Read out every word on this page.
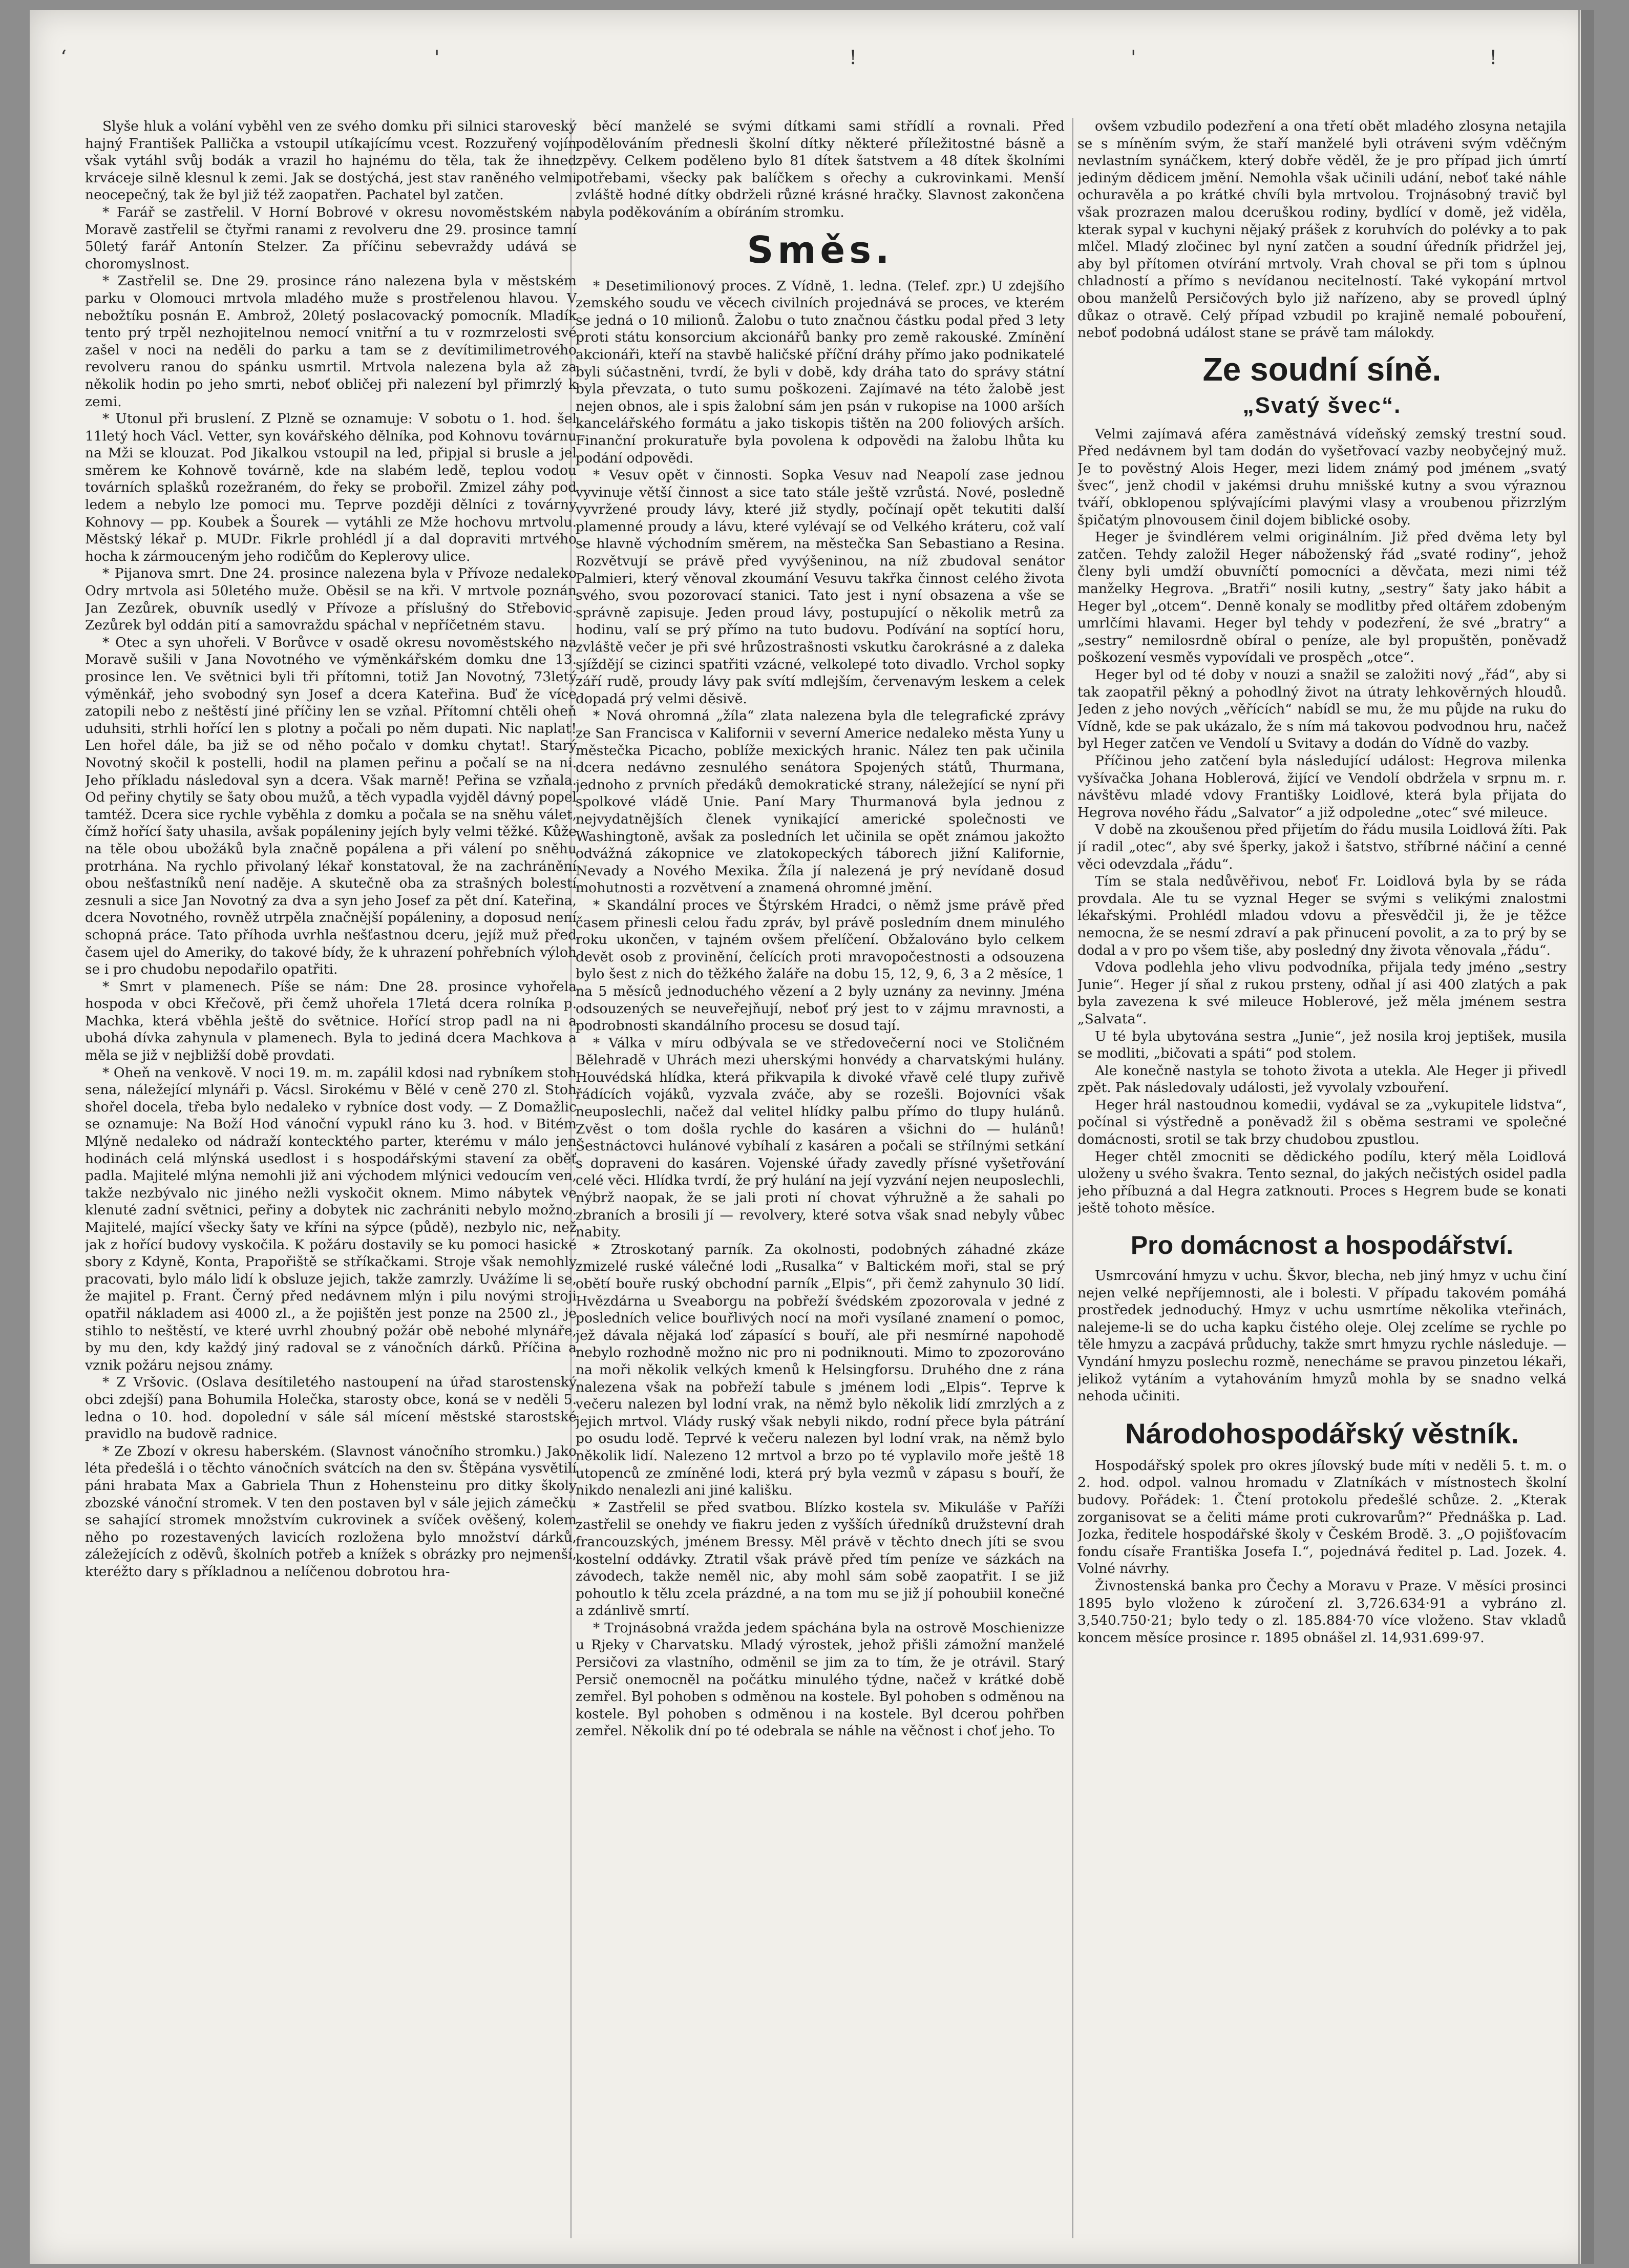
ʻ	'	!	'	!

Slyše hluk a volání vyběhl ven ze svého domku při silnici staroveský hajný František Pallička a vstoupil utíkajícímu vcest. Rozzuřený vojín však vytáhl svůj bodák a vrazil ho hajnému do těla, tak že ihned krváceje silně klesnul k zemi. Jak se dostýchá, jest stav raněného velmi neocepečný, tak že byl již též zaopatřen. Pachatel byl zatčen.

* Farář se zastřelil. V Horní Bobrové v okresu novoměstském na Moravě zastřelil se čtyřmi ranami z revolveru dne 29. prosince tamní 50letý farář Antonín Stelzer. Za příčinu sebevraždy udává se choromyslnost.

* Zastřelil se. Dne 29. prosince ráno nalezena byla v městském parku v Olomouci mrtvola mladého muže s prostřelenou hlavou. V nebožtíku posnán E. Ambrož, 20letý poslacovacký pomocník. Mladík tento prý trpěl nezhojitelnou nemocí vnitřní a tu v rozmrzelosti své zašel v noci na neděli do parku a tam se z devítimilimetrového revolveru ranou do spánku usmrtil. Mrtvola nalezena byla až za několik hodin po jeho smrti, neboť obličej při nalezení byl přimrzlý k zemi.

* Utonul při bruslení. Z Plzně se oznamuje: V sobotu o 1. hod. šel 11letý hoch Václ. Vetter, syn kovářského dělníka, pod Kohnovu továrnu na Mži se klouzat. Pod Jikalkou vstoupil na led, připjal si brusle a jel směrem ke Kohnově továrně, kde na slabém ledě, teplou vodou továrních splašků rozežraném, do řeky se probořil. Zmizel záhy pod ledem a nebylo lze pomoci mu. Teprve později dělníci z továrny Kohnovy — pp. Koubek a Šourek — vytáhli ze Mže hochovu mrtvolu. Městský lékař p. MUDr. Fikrle prohlédl jí a dal dopraviti mrtvého hocha k zármouceným jeho rodičům do Keplerovy ulice.

* Pijanova smrt. Dne 24. prosince nalezena byla v Přívoze nedaleko Odry mrtvola asi 50letého muže. Oběsil se na kři. V mrtvole poznán Jan Zezůrek, obuvník usedlý v Přívoze a příslušný do Střebovic. Zezůrek byl oddán pití a samovraždu spáchal v nepříčetném stavu.

* Otec a syn uhořeli. V Borůvce v osadě okresu novoměstského na Moravě sušili v Jana Novotného ve výměnkářském domku dne 13. prosince len. Ve světnici byli tři přítomni, totiž Jan Novotný, 73letý výměnkář, jeho svobodný syn Josef a dcera Kateřina. Buď že více zatopili nebo z neštěstí jiné příčiny len se vzňal. Přítomní chtěli oheň uduhsiti, strhli hořící len s plotny a počali po něm dupati. Nic naplat! Len hořel dále, ba již se od něho počalo v domku chytat!. Starý Novotný skočil k postelli, hodil na plamen peřinu a počalí se na ni. Jeho příkladu následoval syn a dcera. Však marně! Peřina se vzňala. Od peřiny chytily se šaty obou mužů, a těch vypadla vyjděl dávný popel tamtéž. Dcera sice rychle vyběhla z domku a počala se na sněhu válet, čímž hořící šaty uhasila, avšak popáleniny jejích byly velmi těžké. Kůže na těle obou ubožáků byla značně popálena a při válení po sněhu protrhána. Na rychlo přivolaný lékař konstatoval, že na zachránění obou nešťastníků není naděje. A skutečně oba za strašných bolestí zesnuli a sice Jan Novotný za dva a syn jeho Josef za pět dní. Kateřina, dcera Novotného, rovněž utrpěla značnější popáleniny, a doposud není schopná práce. Tato příhoda uvrhla nešťastnou dceru, jejíž muž před časem ujel do Ameriky, do takové bídy, že k uhrazení pohřebních výloh se i pro chudobu nepodařilo opatřiti.

* Smrt v plamenech. Píše se nám: Dne 28. prosince vyhořela hospoda v obci Křečově, při čemž uhořela 17letá dcera rolníka p. Machka, která vběhla ještě do světnice. Hořící strop padl na ni a ubohá dívka zahynula v plamenech. Byla to jediná dcera Machkova a měla se již v nejbližší době provdati.

* Oheň na venkově. V noci 19. m. m. zapálil kdosi nad rybníkem stoh sena, náležející mlynáři p. Vácsl. Sirokému v Bělé v ceně 270 zl. Stoh shořel docela, třeba bylo nedaleko v rybníce dost vody. — Z Domažlic se oznamuje: Na Boží Hod vánoční vypukl ráno ku 3. hod. v Bitém Mlýně nedaleko od nádraží kontecktého parter, kterému v málo jen hodinách celá mlýnská usedlost i s hospodářskými stavení za oběť padla. Majitelé mlýna nemohli již ani východem mlýnici vedoucím ven, takže nezbývalo nic jiného nežli vyskočit oknem. Mimo nábytek ve klenuté zadní světnici, peřiny a dobytek nic zachrániti nebylo možno. Majitelé, mající všecky šaty ve kříni na sýpce (půdě), nezbylo nic, než jak z hořící budovy vyskočila. K požáru dostavily se ku pomoci hasické sbory z Kdyně, Konta, Prapořiště se stříkačkami. Stroje však nemohly pracovati, bylo málo lidí k obsluze jejich, takže zamrzly. Uvážíme li se, že majitel p. Frant. Černý před nedávnem mlýn i pilu novými stroji opatřil nákladem asi 4000 zl., a že pojištěn jest ponze na 2500 zl., je stihlo to neštěstí, ve které uvrhl zhoubný požár obě nebohé mlynáře, by mu den, kdy každý jiný radoval se z vánočních dárků. Příčina a vznik požáru nejsou známy.

* Z Vršovic. (Oslava desítiletého nastoupení na úřad starostenský obci zdejší) pana Bohumila Holečka, starosty obce, koná se v neděli 5. ledna o 10. hod. dopolední v sále sál mícení městské starostské pravidlo na budově radnice.

* Ze Zbozí v okresu haberském. (Slavnost vánočního stromku.) Jako léta předešlá i o těchto vánočních svátcích na den sv. Štěpána vysvětilí páni hrabata Max a Gabriela Thun z Hohensteinu pro ditky školy zbozské vánoční stromek. V ten den postaven byl v sále jejich zámečku se sahající stromek množstvím cukrovinek a svíček ověšený, kolem něho po rozestavených lavicích rozložena bylo množství dárků, záležejících z oděvů, školních potřeb a knížek s obrázky pro nejmenší, kteréžto dary s příkladnou a nelíčenou dobrotou hra-

běcí manželé se svými dítkami sami střídlí a rovnali. Před podělováním přednesli školní dítky některé příležitostné básně a zpěvy. Celkem poděleno bylo 81 dítek šatstvem a 48 dítek školními potřebami, všecky pak balíčkem s ořechy a cukrovinkami. Menší zvláště hodné dítky obdrželi různé krásné hračky. Slavnost zakončena byla poděkováním a obíráním stromku.

Směs.

* Desetimilionový proces. Z Vídně, 1. ledna. (Telef. zpr.) U zdejšího zemského soudu ve věcech civilních projednává se proces, ve kterém se jedná o 10 milionů. Žalobu o tuto značnou částku podal před 3 lety proti státu konsorcium akcionářů banky pro země rakouské. Zmínění akcionáři, kteří na stavbě haličské příční dráhy přímo jako podnikatelé byli súčastněni, tvrdí, že byli v době, kdy dráha tato do správy státní byla převzata, o tuto sumu poškozeni. Zajímavé na této žalobě jest nejen obnos, ale i spis žalobní sám jen psán v rukopise na 1000 arších kancelářského formátu a jako tiskopis tištěn na 200 foliových arších. Finanční prokuratuře byla povolena k odpovědi na žalobu lhůta ku podání odpovědi.

* Vesuv opět v činnosti. Sopka Vesuv nad Neapolí zase jednou vyvinuje větší činnost a sice tato stále ještě vzrůstá. Nové, posledně vyvržené proudy lávy, které již stydly, počínají opět tekutiti další plamenné proudy a lávu, které vylévají se od Velkého kráteru, což valí se hlavně východním směrem, na městečka San Sebastiano a Resina. Rozvětvují se právě před vyvýšeninou, na níž zbudoval senátor Palmieri, který věnoval zkoumání Vesuvu takřka činnost celého života svého, svou pozorovací stanici. Tato jest i nyní obsazena a vše se správně zapisuje. Jeden proud lávy, postupující o několik metrů za hodinu, valí se prý přímo na tuto budovu. Podívání na soptící horu, zvláště večer je při své hrůzostrašnosti vskutku čarokrásné a z daleka sjíždějí se cizinci spatřiti vzácné, velkolepé toto divadlo. Vrchol sopky září rudě, proudy lávy pak svítí mdlejším, červenavým leskem a celek dopadá prý velmi děsivě.

* Nová ohromná „žíla“ zlata nalezena byla dle telegrafické zprávy ze San Francisca v Kalifornii v severní Americe nedaleko města Yuny u městečka Picacho, poblíže mexických hranic. Nález ten pak učinila dcera nedávno zesnulého senátora Spojených států, Thurmana, jednoho z prvních předáků demokratické strany, náležející se nyní při spolkové vládě Unie. Paní Mary Thurmanová byla jednou z nejvydatnějších členek vynikající americké společnosti ve Washingtoně, avšak za posledních let učinila se opět známou jakožto odvážná zákopnice ve zlatokopeckých táborech jižní Kalifornie, Nevady a Nového Mexika. Žíla jí nalezená je prý nevídaně dosud mohutnosti a rozvětvení a znamená ohromné jmění.

* Skandální proces ve Štýrském Hradci, o němž jsme právě před časem přinesli celou řadu zpráv, byl právě posledním dnem minulého roku ukončen, v tajném ovšem přelíčení. Obžalováno bylo celkem devět osob z provinění, čelících proti mravopočestnosti a odsouzena bylo šest z nich do těžkého žaláře na dobu 15, 12, 9, 6, 3 a 2 měsíce, 1 na 5 měsíců jednoduchého vězení a 2 byly uznány za nevinny. Jména odsouzených se neuveřejňují, neboť prý jest to v zájmu mravnosti, a podrobnosti skandálního procesu se dosud tají.

* Válka v míru odbývala se ve středovečerní noci ve Stoličném Bělehradě v Uhrách mezi uherskými honvédy a charvatskými hulány. Houvédská hlídka, která přikvapila k divoké vřavě celé tlupy zuřivě řádících vojáků, vyzvala zváče, aby se rozešli. Bojovníci však neuposlechli, načež dal velitel hlídky palbu přímo do tlupy hulánů. Zvěst o tom došla rychle do kasáren a všichni do — hulánů! Šestnáctovci hulánové vybíhalí z kasáren a počali se střílnými setkání s dopraveni do kasáren. Vojenské úřady zavedly přísné vyšetřování celé věci. Hlídka tvrdí, že prý hulání na její vyzvání nejen neuposlechli, nýbrž naopak, že se jali proti ní chovat výhružně a že sahali po zbraních a brosili jí — revolvery, které sotva však snad nebyly vůbec nabity.

* Ztroskotaný parník. Za okolnosti, podobných záhadné zkáze zmizelé ruské válečné lodi „Rusalka“ v Baltickém moři, stal se prý obětí bouře ruský obchodní parník „Elpis“, při čemž zahynulo 30 lidí. Hvězdárna u Sveaborgu na pobřeží švédském zpozorovala v jedné z posledních velice bouřlivých nocí na moři vysílané znamení o pomoc, jež dávala nějaká loď zápasící s bouří, ale při nesmírné napohodě nebylo rozhodně možno nic pro ni podniknouti. Mimo to zpozorováno na moři několik velkých kmenů k Helsingforsu. Druhého dne z rána nalezena však na pobřeží tabule s jménem lodi „Elpis“. Teprve k večeru nalezen byl lodní vrak, na němž bylo několik lidí zmrzlých a z jejich mrtvol. Vlády ruský však nebyli nikdo, rodní přece byla pátrání po osudu lodě. Teprvé k večeru nalezen byl lodní vrak, na němž bylo několik lidí. Nalezeno 12 mrtvol a brzo po té vyplavilo moře ještě 18 utopenců ze zmíněné lodi, která prý byla vezmů v zápasu s bouří, že nikdo nenalezli ani jiné kališku.

* Zastřelil se před svatbou. Blízko kostela sv. Mikuláše v Paříži zastřelil se onehdy ve fiakru jeden z vyšších úředníků družstevní drah francouzských, jménem Bressy. Měl právě v těchto dnech jíti se svou kostelní oddávky. Ztratil však právě před tím peníze ve sázkách na závodech, takže neměl nic, aby mohl sám sobě zaopatřit. I se již pohoutlo k tělu zcela prázdné, a na tom mu se již jí pohoubiil konečné a zdánlivě smrtí.

* Trojnásobná vražda jedem spáchána byla na ostrově Moschienizze u Rjeky v Charvatsku. Mladý výrostek, jehož přišli zámožní manželé Persičovi za vlastního, odměnil se jim za to tím, že je otrávil. Starý Persič onemocněl na počátku minulého týdne, načež v krátké době zemřel. Byl pohoben s odměnou na kostele. Byl pohoben s odměnou na kostele. Byl pohoben s odměnou i na kostele. Byl dcerou pohřben zemřel. Několik dní po té odebrala se náhle na věčnost i choť jeho. To

ovšem vzbudilo podezření a ona třetí obět mladého zlosyna netajila se s míněním svým, že staří manželé byli otráveni svým vděčným nevlastním synáčkem, který dobře věděl, že je pro případ jich úmrtí jediným dědicem jmění. Nemohla však učinili udání, neboť také náhle ochuravěla a po krátké chvíli byla mrtvolou. Trojnásobný travič byl však prozrazen malou dceruškou rodiny, bydlící v domě, jež viděla, kterak sypal v kuchyni nějaký prášek z koruhvích do polévky a to pak mlčel. Mladý zločinec byl nyní zatčen a soudní úředník přidržel jej, aby byl přítomen otvírání mrtvoly. Vrah choval se při tom s úplnou chladností a přímo s nevídanou necitelností. Také vykopání mrtvol obou manželů Persičových bylo již nařízeno, aby se provedl úplný důkaz o otravě. Celý případ vzbudil po krajině nemalé pobouření, neboť podobná událost stane se právě tam málokdy.

Ze soudní síně.
„Svatý švec“.

Velmi zajímavá aféra zaměstnává vídeňský zemský trestní soud. Před nedávnem byl tam dodán do vyšetřovací vazby neobyčejný muž. Je to pověstný Alois Heger, mezi lidem známý pod jménem „svatý švec“, jenž chodil v jakémsi druhu mnišské kutny a svou výraznou tváří, obklopenou splývajícími plavými vlasy a vroubenou přizrzlým špičatým plnovousem činil dojem biblické osoby.

Heger je švindlérem velmi originálním. Již před dvěma lety byl zatčen. Tehdy založil Heger náboženský řád „svaté rodiny“, jehož členy byli umdží obuvníčtí pomocníci a děvčata, mezi nimi též manželky Hegrova. „Bratři“ nosili kutny, „sestry“ šaty jako hábit a Heger byl „otcem“. Denně konaly se modlitby před oltářem zdobeným umrlčími hlavami. Heger byl tehdy v podezření, že své „bratry“ a „sestry“ nemilosrdně obíral o peníze, ale byl propuštěn, poněvadž poškození vesměs vypovídali ve prospěch „otce“.

Heger byl od té doby v nouzi a snažil se založiti nový „řád“, aby si tak zaopatřil pěkný a pohodlný život na útraty lehkověrných hloudů. Jeden z jeho nových „věřících“ nabídl se mu, že mu půjde na ruku do Vídně, kde se pak ukázalo, že s ním má takovou podvodnou hru, načež byl Heger zatčen ve Vendolí u Svitavy a dodán do Vídně do vazby.

Příčinou jeho zatčení byla následující událost: Hegrova milenka vyšívačka Johana Hoblerová, žijící ve Vendolí obdržela v srpnu m. r. návštěvu mladé vdovy Františky Loidlové, která byla přijata do Hegrova nového řádu „Salvator“ a již odpoledne „otec“ své mileuce.

V době na zkoušenou před přijetím do řádu musila Loidlová žíti. Pak jí radil „otec“, aby své šperky, jakož i šatstvo, stříbrné náčiní a cenné věci odevzdala „řádu“.

Tím se stala nedůvěřivou, neboť Fr. Loidlová byla by se ráda provdala. Ale tu se vyznal Heger se svými s velikými znalostmi lékařskými. Prohlédl mladou vdovu a přesvědčil ji, že je těžce nemocna, že se nesmí zdraví a pak přinucení povolit, a za to prý by se dodal a v pro po všem tiše, aby posledný dny života věnovala „řádu“.

Vdova podlehla jeho vlivu podvodníka, přijala tedy jméno „sestry Junie“. Heger jí sňal z rukou prsteny, odňal jí asi 400 zlatých a pak byla zavezena k své mileuce Hoblerové, jež měla jménem sestra „Salvata“.

U té byla ubytována sestra „Junie“, jež nosila kroj jeptišek, musila se modliti, „bičovati a spáti“ pod stolem.

Ale konečně nastyla se tohoto života a utekla. Ale Heger ji přivedl zpět. Pak následovaly události, jež vyvolaly vzbouření.

Heger hrál nastoudnou komedii, vydával se za „vykupitele lidstva“, počínal si výstředně a poněvadž žil s oběma sestrami ve společné domácnosti, srotil se tak brzy chudobou zpustlou.

Heger chtěl zmocniti se dědického podílu, který měla Loidlová uloženy u svého švakra. Tento seznal, do jakých nečistých osidel padla jeho příbuzná a dal Hegra zatknouti. Proces s Hegrem bude se konati ještě tohoto měsíce.

Pro domácnost a hospodářství.

Usmrcování hmyzu v uchu. Škvor, blecha, neb jiný hmyz v uchu činí nejen velké nepříjemnosti, ale i bolesti. V případu takovém pomáhá prostředek jednoduchý. Hmyz v uchu usmrtíme několika vteřinách, nalejeme-li se do ucha kapku čistého oleje. Olej zcelíme se rychle po těle hmyzu a zacpává průduchy, takže smrt hmyzu rychle následuje. — Vyndání hmyzu poslechu rozmě, nenecháme se pravou pinzetou lékaři, jelikož vytáním a vytahováním hmyzů mohla by se snadno velká nehoda učiniti.

Národohospodářský věstník.

Hospodářský spolek pro okres jílovský bude míti v neděli 5. t. m. o 2. hod. odpol. valnou hromadu v Zlatníkách v místnostech školní budovy. Pořádek: 1. Čtení protokolu předešlé schůze. 2. „Kterak zorganisovat se a čeliti máme proti cukrovarům?“ Přednáška p. Lad. Jozka, ředitele hospodářské školy v Českém Brodě. 3. „O pojišťovacím fondu císaře Františka Josefa I.“, pojednává ředitel p. Lad. Jozek. 4. Volné návrhy.

Živnostenská banka pro Čechy a Moravu v Praze. V měsíci prosinci 1895 bylo vloženo k zúročení zl. 3,726.634·91 a vybráno zl. 3,540.750·21; bylo tedy o zl. 185.884·70 více vloženo. Stav vkladů koncem měsíce prosince r. 1895 obnášel zl. 14,931.699·97.
